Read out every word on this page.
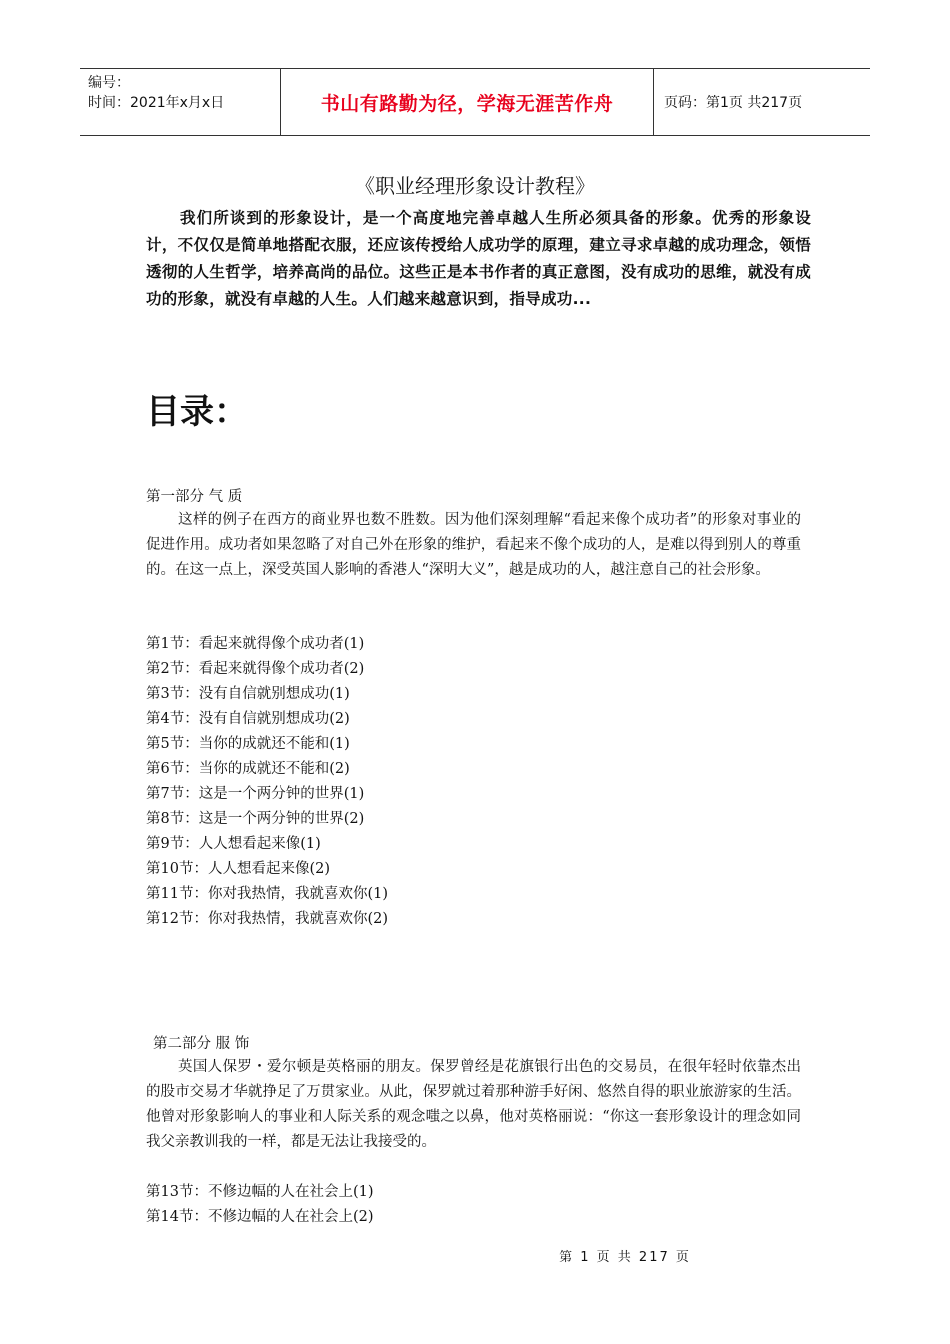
编号：
时间：2021年x月x日	书山有路勤为径，学海无涯苦作舟	页码：第1页 共217页
《职业经理形象设计教程》
我们所谈到的形象设计，是一个高度地完善卓越人生所必须具备的形象。优秀的形象设计，不仅仅是简单地搭配衣服，还应该传授给人成功学的原理，建立寻求卓越的成功理念，领悟透彻的人生哲学，培养高尚的品位。这些正是本书作者的真正意图，没有成功的思维，就没有成功的形象，就没有卓越的人生。人们越来越意识到，指导成功...
目录：
第一部分 气 质
这样的例子在西方的商业界也数不胜数。因为他们深刻理解“看起来像个成功者”的形象对事业的促进作用。成功者如果忽略了对自己外在形象的维护，看起来不像个成功的人，是难以得到别人的尊重的。在这一点上，深受英国人影响的香港人“深明大义”，越是成功的人，越注意自己的社会形象。
第1节：看起来就得像个成功者(1)
第2节：看起来就得像个成功者(2)
第3节：没有自信就别想成功(1)
第4节：没有自信就别想成功(2)
第5节：当你的成就还不能和(1)
第6节：当你的成就还不能和(2)
第7节：这是一个两分钟的世界(1)
第8节：这是一个两分钟的世界(2)
第9节：人人想看起来像(1)
第10节：人人想看起来像(2)
第11节：你对我热情，我就喜欢你(1)
第12节：你对我热情，我就喜欢你(2)
第二部分 服 饰
英国人保罗・爱尔顿是英格丽的朋友。保罗曾经是花旗银行出色的交易员，在很年轻时依靠杰出的股市交易才华就挣足了万贯家业。从此，保罗就过着那种游手好闲、悠然自得的职业旅游家的生活。他曾对形象影响人的事业和人际关系的观念嗤之以鼻，他对英格丽说：“你这一套形象设计的理念如同我父亲教训我的一样，都是无法让我接受的。
第13节：不修边幅的人在社会上(1)
第14节：不修边幅的人在社会上(2)
第 1 页 共 217 页
